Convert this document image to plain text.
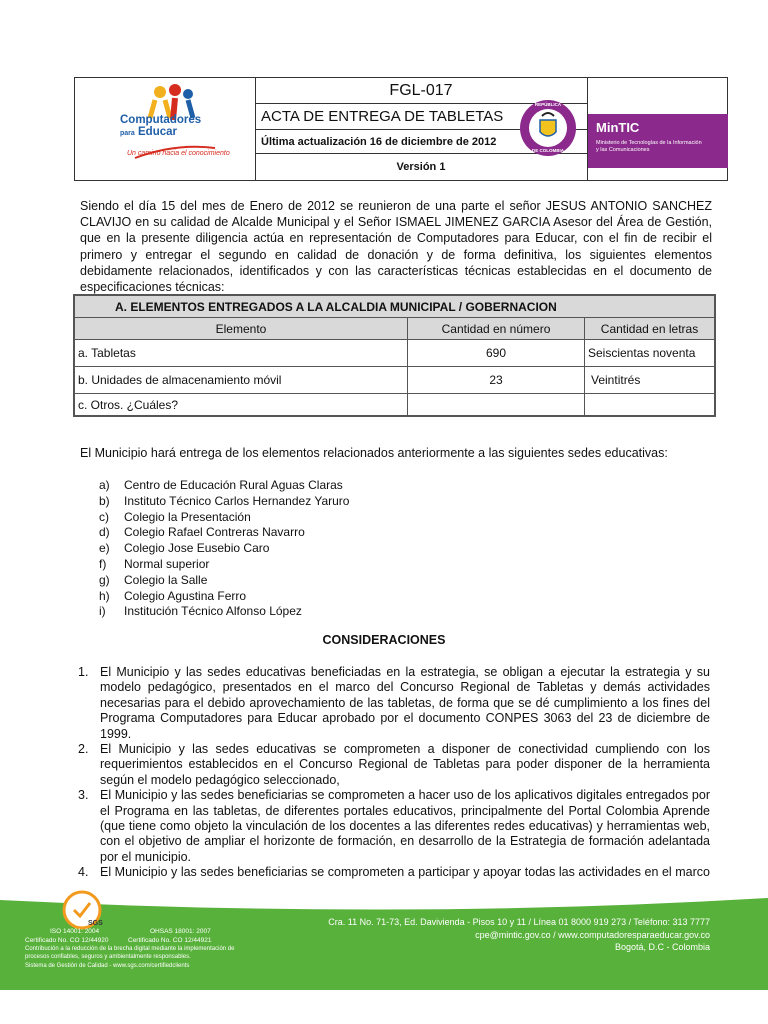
Computadores
para Educar
Un camino hacia el conocimiento
FGL-017
ACTA DE ENTREGA DE TABLETAS
Última actualización 16 de diciembre de 2012
Versión 1
REPÚBLICA
DE COLOMBIA
MinTIC
Ministerio de Tecnologías de la Información
y las Comunicaciones
Siendo el día 15 del mes de Enero de 2012 se reunieron de una parte el señor JESUS ANTONIO SANCHEZ CLAVIJO en su calidad de Alcalde Municipal y el Señor ISMAEL JIMENEZ GARCIA Asesor del Área de Gestión, que en la presente diligencia actúa en representación de Computadores para Educar, con el fin de recibir el primero y entregar el segundo en calidad de donación y de forma definitiva, los siguientes elementos debidamente relacionados, identificados y con las características técnicas establecidas en el documento de especificaciones técnicas:
A. ELEMENTOS ENTREGADOS A LA ALCALDIA MUNICIPAL / GOBERNACION
Elemento	Cantidad en número	Cantidad en letras
a. Tabletas	690	Seiscientas noventa
b. Unidades de almacenamiento móvil	23	Veintitrés
c. Otros. ¿Cuáles?
El Municipio hará entrega de los elementos relacionados anteriormente a las siguientes sedes educativas:
a)	Centro de Educación Rural Aguas Claras
b)	Instituto Técnico Carlos Hernandez Yaruro
c)	Colegio la Presentación
d)	Colegio Rafael Contreras Navarro
e)	Colegio Jose Eusebio Caro
f)	Normal superior
g)	Colegio la Salle
h)	Colegio Agustina Ferro
i)	Institución Técnico Alfonso López
CONSIDERACIONES
1. El Municipio y las sedes educativas beneficiadas en la estrategia, se obligan a ejecutar la estrategia y su modelo pedagógico, presentados en el marco del Concurso Regional de Tabletas y demás actividades necesarias para el debido aprovechamiento de las tabletas, de forma que se dé cumplimiento a los fines del Programa Computadores para Educar aprobado por el documento CONPES 3063 del 23 de diciembre de 1999.
2. El Municipio y las sedes educativas se comprometen a disponer de conectividad cumpliendo con los requerimientos establecidos en el Concurso Regional de Tabletas para poder disponer de la herramienta según el modelo pedagógico seleccionado,
3. El Municipio y las sedes beneficiarias se comprometen a hacer uso de los aplicativos digitales entregados por el Programa en las tabletas, de diferentes portales educativos, principalmente del Portal Colombia Aprende (que tiene como objeto la vinculación de los docentes a las diferentes redes educativas) y herramientas web, con el objetivo de ampliar el horizonte de formación, en desarrollo de la Estrategia de formación adelantada por el municipio.
4. El Municipio y las sedes beneficiarias se comprometen a participar y apoyar todas las actividades en el marco
SGS
ISO 14001: 2004	OHSAS 18001: 2007
Certificado No. CO 12/44920	Certificado No. CO 12/44921
Contribución a la reducción de la brecha digital mediante la implementación de
procesos confiables, seguros y ambientalmente responsables.
Sistema de Gestión de Calidad - www.sgs.com/certifiedclients
Cra. 11 No. 71-73, Ed. Davivienda - Pisos 10 y 11 / Línea 01 8000 919 273 / Teléfono: 313 7777
cpe@mintic.gov.co / www.computadoresparaeducar.gov.co
Bogotá, D.C - Colombia
